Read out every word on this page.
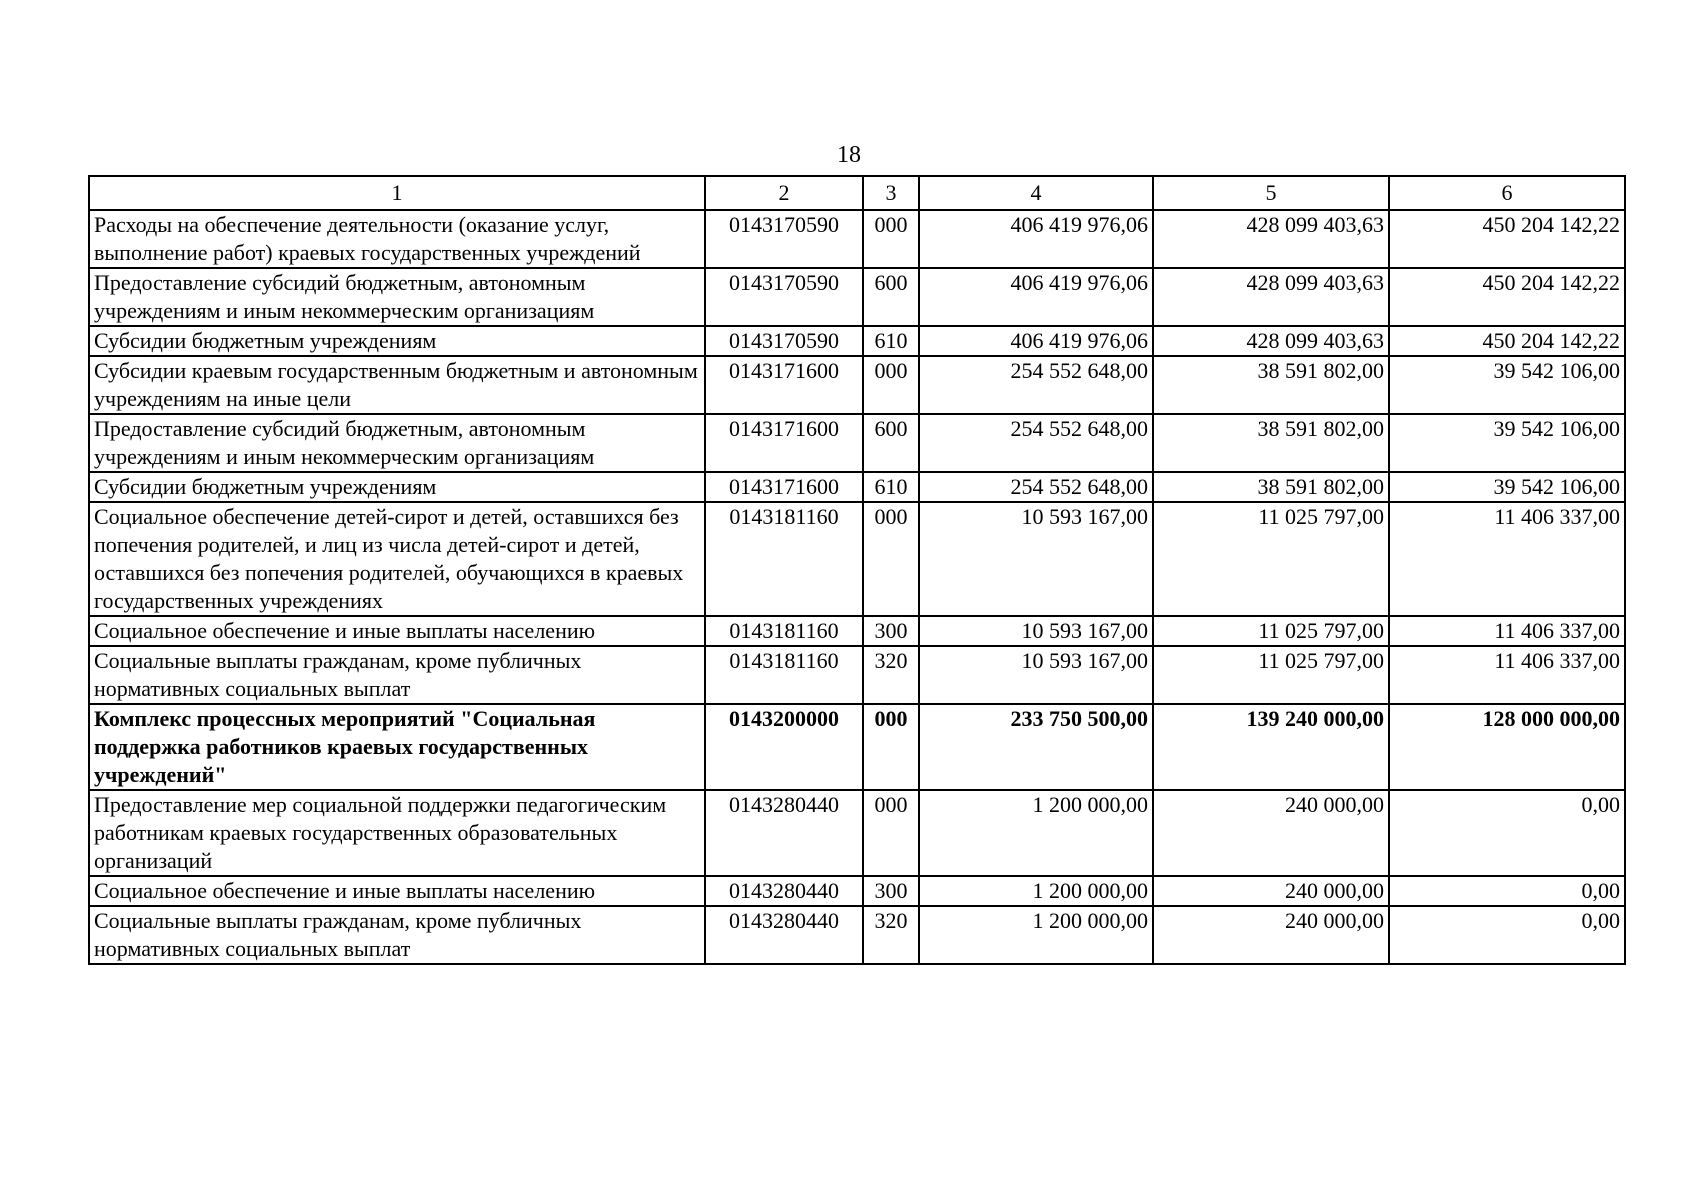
18
1	2	3	4	5	6
Расходы на обеспечение деятельности (оказание услуг, выполнение работ) краевых государственных учреждений	0143170590	000	406 419 976,06	428 099 403,63	450 204 142,22
Предоставление субсидий бюджетным, автономным учреждениям и иным некоммерческим организациям	0143170590	600	406 419 976,06	428 099 403,63	450 204 142,22
Субсидии бюджетным учреждениям	0143170590	610	406 419 976,06	428 099 403,63	450 204 142,22
Субсидии краевым государственным бюджетным и автономным учреждениям на иные цели	0143171600	000	254 552 648,00	38 591 802,00	39 542 106,00
Предоставление субсидий бюджетным, автономным учреждениям и иным некоммерческим организациям	0143171600	600	254 552 648,00	38 591 802,00	39 542 106,00
Субсидии бюджетным учреждениям	0143171600	610	254 552 648,00	38 591 802,00	39 542 106,00
Социальное обеспечение детей-сирот и детей, оставшихся без попечения родителей, и лиц из числа детей-сирот и детей, оставшихся без попечения родителей, обучающихся в краевых государственных учреждениях	0143181160	000	10 593 167,00	11 025 797,00	11 406 337,00
Социальное обеспечение и иные выплаты населению	0143181160	300	10 593 167,00	11 025 797,00	11 406 337,00
Социальные выплаты гражданам, кроме публичных нормативных социальных выплат	0143181160	320	10 593 167,00	11 025 797,00	11 406 337,00
Комплекс процессных мероприятий "Социальная поддержка работников краевых государственных учреждений"	0143200000	000	233 750 500,00	139 240 000,00	128 000 000,00
Предоставление мер социальной поддержки педагогическим работникам краевых государственных образовательных организаций	0143280440	000	1 200 000,00	240 000,00	0,00
Социальное обеспечение и иные выплаты населению	0143280440	300	1 200 000,00	240 000,00	0,00
Социальные выплаты гражданам, кроме публичных нормативных социальных выплат	0143280440	320	1 200 000,00	240 000,00	0,00
